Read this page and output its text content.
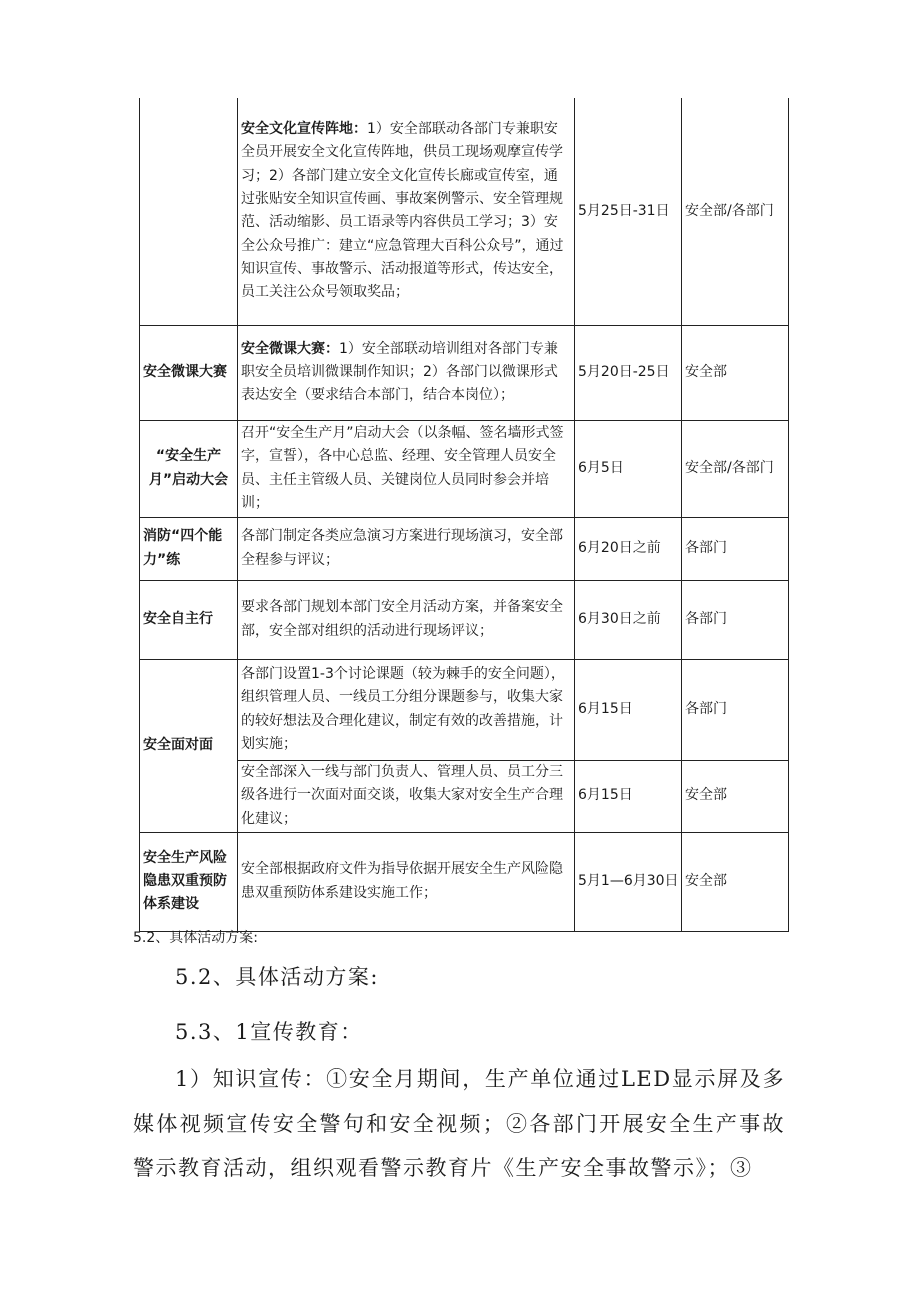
	安全文化宣传阵地：1）安全部联动各部门专兼职安全员开展安全文化宣传阵地，供员工现场观摩宣传学习；2）各部门建立安全文化宣传长廊或宣传室，通过张贴安全知识宣传画、事故案例警示、安全管理规范、活动缩影、员工语录等内容供员工学习；3）安全公众号推广：建立“应急管理大百科公众号”，通过知识宣传、事故警示、活动报道等形式，传达安全，员工关注公众号领取奖品；	5月25日-31日	安全部/各部门
安全微课大赛	安全微课大赛：1）安全部联动培训组对各部门专兼职安全员培训微课制作知识；2）各部门以微课形式表达安全（要求结合本部门，结合本岗位）；	5月20日-25日	安全部
“安全生产月”启动大会	召开“安全生产月”启动大会（以条幅、签名墙形式签字，宣誓），各中心总监、经理、安全管理人员安全员、主任主管级人员、关键岗位人员同时参会并培训；	6月5日	安全部/各部门
消防“四个能力”练	各部门制定各类应急演习方案进行现场演习，安全部全程参与评议；	6月20日之前	各部门
安全自主行	要求各部门规划本部门安全月活动方案，并备案安全部，安全部对组织的活动进行现场评议；	6月30日之前	各部门
安全面对面	各部门设置1-3个讨论课题（较为棘手的安全问题），组织管理人员、一线员工分组分课题参与，收集大家的较好想法及合理化建议，制定有效的改善措施，计划实施；	6月15日	各部门
	安全部深入一线与部门负责人、管理人员、员工分三级各进行一次面对面交谈，收集大家对安全生产合理化建议；	6月15日	安全部
安全生产风险隐患双重预防体系建设	安全部根据政府文件为指导依据开展安全生产风险隐患双重预防体系建设实施工作；	5月1—6月30日	安全部
5.2、具体活动方案:
5.2、具体活动方案:
5.3、1宣传教育：
1）知识宣传：①安全月期间，生产单位通过LED显示屏及多媒体视频宣传安全警句和安全视频；②各部门开展安全生产事故警示教育活动，组织观看警示教育片《生产安全事故警示》；③
